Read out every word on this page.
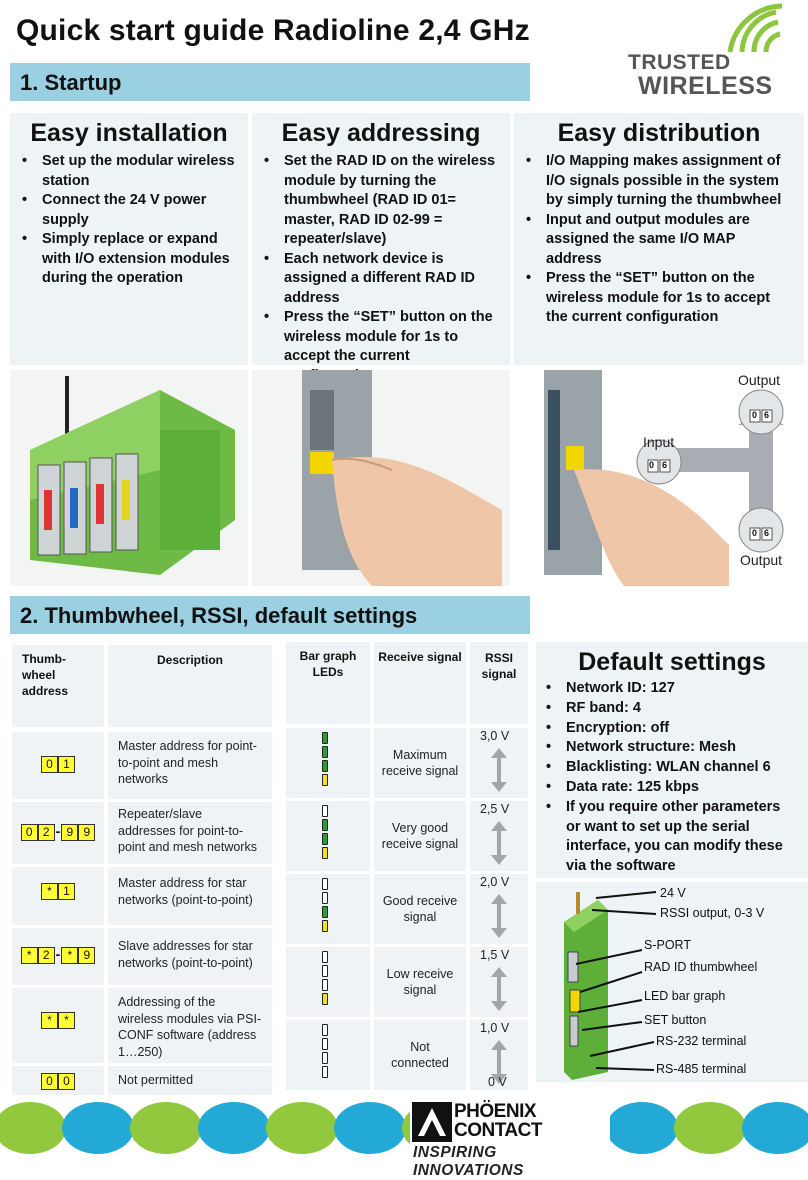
Quick start guide Radioline 2,4 GHz
TRUSTED
WIRELESS
1. Startup
Easy installation
• Set up the modular wireless station
• Connect the 24 V power supply
• Simply replace or expand with I/O extension modules during the operation
Easy addressing
• Set the RAD ID on the wireless module by turning the thumbwheel (RAD ID 01= master, RAD ID 02-99 = repeater/slave)
• Each network device is assigned a different RAD ID address
• Press the “SET” button on the wireless module for 1s to accept the current
Easy distribution
• I/O Mapping makes assignment of I/O signals possible in the system by simply turning the thumbwheel
• Input and output modules are assigned the same I/O MAP address
• Press the “SET” button on the wireless module for 1s to accept the current configuration
Input
Output
Output
0 6
0 6
0 6
2. Thumbwheel, RSSI, default settings
Thumb-wheel address
Description
Master address for point-to-point and mesh networks
0 1
Repeater/slave addresses for point-to-point and mesh networks
0 2 - 9 9
Master address for star networks (point-to-point)
* 1
Slave addresses for star networks (point-to-point)
* 2 - * 9
Addressing of the wireless modules via PSI-CONF software (address 1…250)
* *
Not permitted
0 0
Bar graph LEDs
Receive signal	RSSI signal
Maximum receive signal
3,0 V
Very good receive signal
2,5 V
Good receive signal
2,0 V
Low receive signal
1,5 V
Not connected
1,0 V
0 V
Default settings
• Network ID: 127
• RF band: 4
• Encryption: off
• Network structure: Mesh
• Blacklisting: WLAN channel 6
• Data rate: 125 kbps
• If you require other parameters or want to set up the serial interface, you can modify these via the software
24 V
RSSI output, 0-3 V
S-PORT
RAD ID thumbwheel
LED bar graph
SET button
RS-232 terminal
RS-485 terminal
PHÖENIX
CONTACT
INSPIRING INNOVATIONS
